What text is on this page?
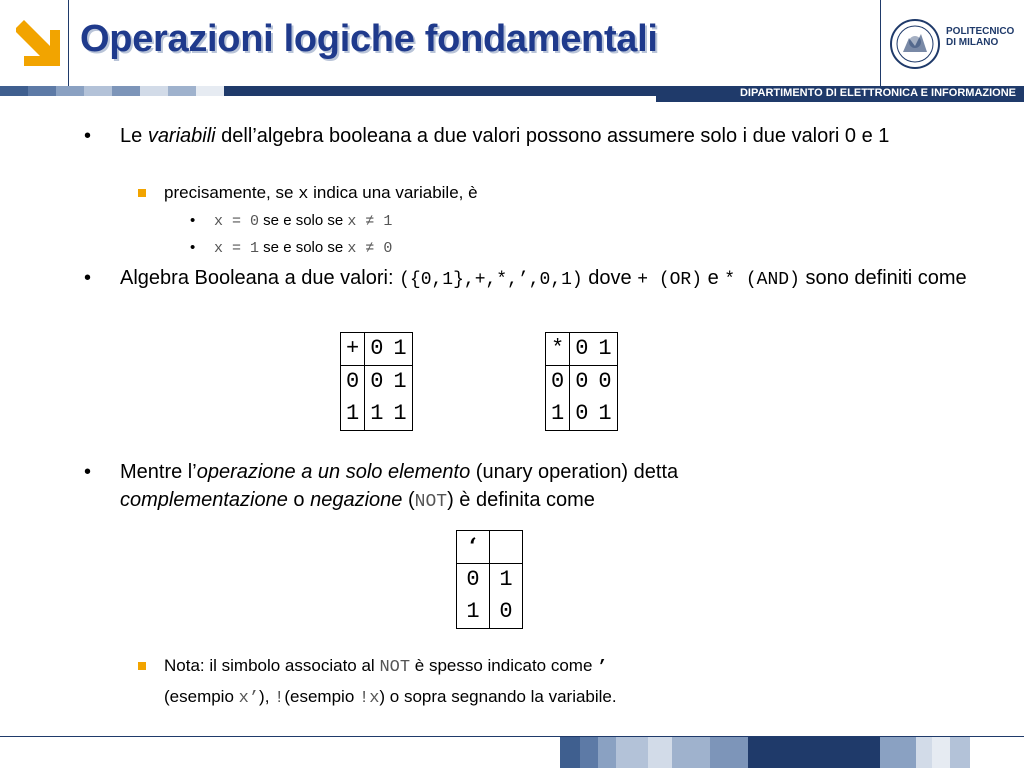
Operazioni logiche fondamentali	POLITECNICO
DI MILANO
DIPARTIMENTO DI ELETTRONICA E INFORMAZIONE
• Le variabili dell’algebra booleana a due valori possono assumere solo i due valori 0 e 1
precisamente, se x indica una variabile, è
• x = 0 se e solo se x ≠ 1
• x = 1 se e solo se x ≠ 0
• Algebra Booleana a due valori: ({0,1},+,*,’,0,1) dove + (OR) e * (AND) sono definiti come
+	0	1
0	0	1
1	1	1
*	0	1
0	0	0
1	0	1
• Mentre l’operazione a un solo elemento (unary operation) detta
complementazione o negazione (NOT) è definita come
‘	
0	1
1	0
Nota: il simbolo associato al NOT è spesso indicato come ’
(esempio x’), !(esempio !x) o sopra segnando la variabile.
